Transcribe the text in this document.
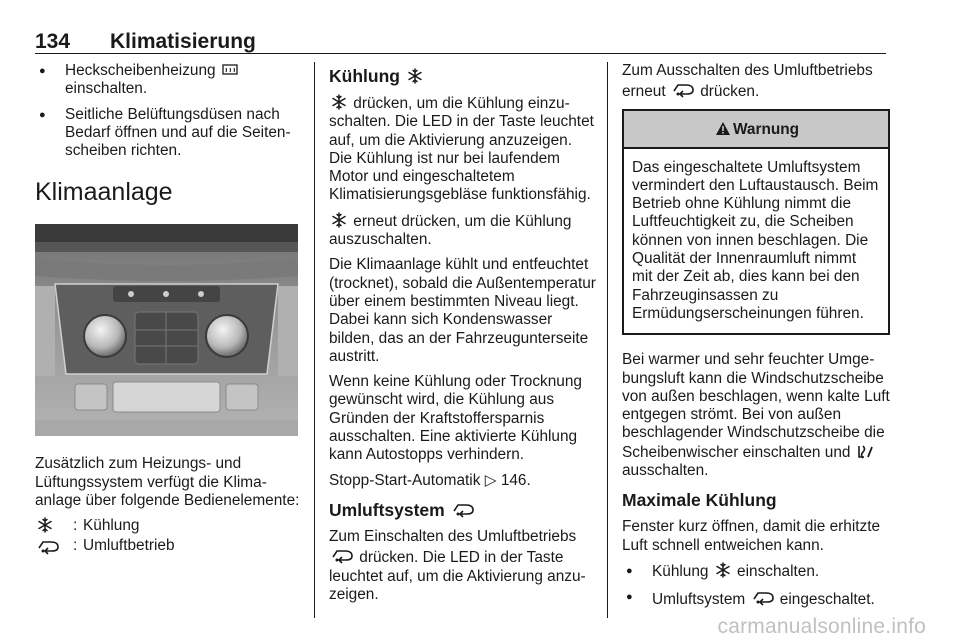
134 Klimatisierung
● Heckscheibenheizung
einschalten.
● Seitliche Belüftungsdüsen nach Bedarf öffnen und auf die Seitenscheiben richten.
Klimaanlage

Zusätzlich zum Heizungs- und Lüftungssystem verfügt die Klimaanlage über folgende Bedienelemente:

: Kühlung
: Umluftbetrieb
Kühlung

drücken, um die Kühlung einzuschalten. Die LED in der Taste leuchtet auf, um die Aktivierung anzuzeigen. Die Kühlung ist nur bei laufendem Motor und eingeschaltetem Klimatisierungsgebläse funktionsfähig.

erneut drücken, um die Kühlung auszuschalten.

Die Klimaanlage kühlt und entfeuchtet (trocknet), sobald die Außentemperatur über einem bestimmten Niveau liegt. Dabei kann sich Kondenswasser bilden, das an der Fahrzeugunterseite austritt.

Wenn keine Kühlung oder Trocknung gewünscht wird, die Kühlung aus Gründen der Kraftstoffersparnis ausschalten. Eine aktivierte Kühlung kann Autostopps verhindern.

Stopp-Start-Automatik ▷ 146.

Umluftsystem

Zum Einschalten des Umluftbetriebs
drücken. Die LED in der Taste leuchtet auf, um die Aktivierung anzuzeigen.

Zum Ausschalten des Umluftbetriebs erneut drücken.

Warnung
Das eingeschaltete Umluftsystem vermindert den Luftaustausch. Beim Betrieb ohne Kühlung nimmt die Luftfeuchtigkeit zu, die Scheiben können von innen beschlagen. Die Qualität der Innenraumluft nimmt mit der Zeit ab, dies kann bei den Fahrzeuginsassen zu Ermüdungserscheinungen führen.

Bei warmer und sehr feuchter Umgebungsluft kann die Windschutzscheibe von außen beschlagen, wenn kalte Luft entgegen strömt. Bei von außen beschlagender Windschutzscheibe die Scheibenwischer einschalten und  ausschalten.

Maximale Kühlung

Fenster kurz öffnen, damit die erhitzte Luft schnell entweichen kann.

● Kühlung einschalten.
● Umluftsystem eingeschaltet.
carmanualsonline.info
